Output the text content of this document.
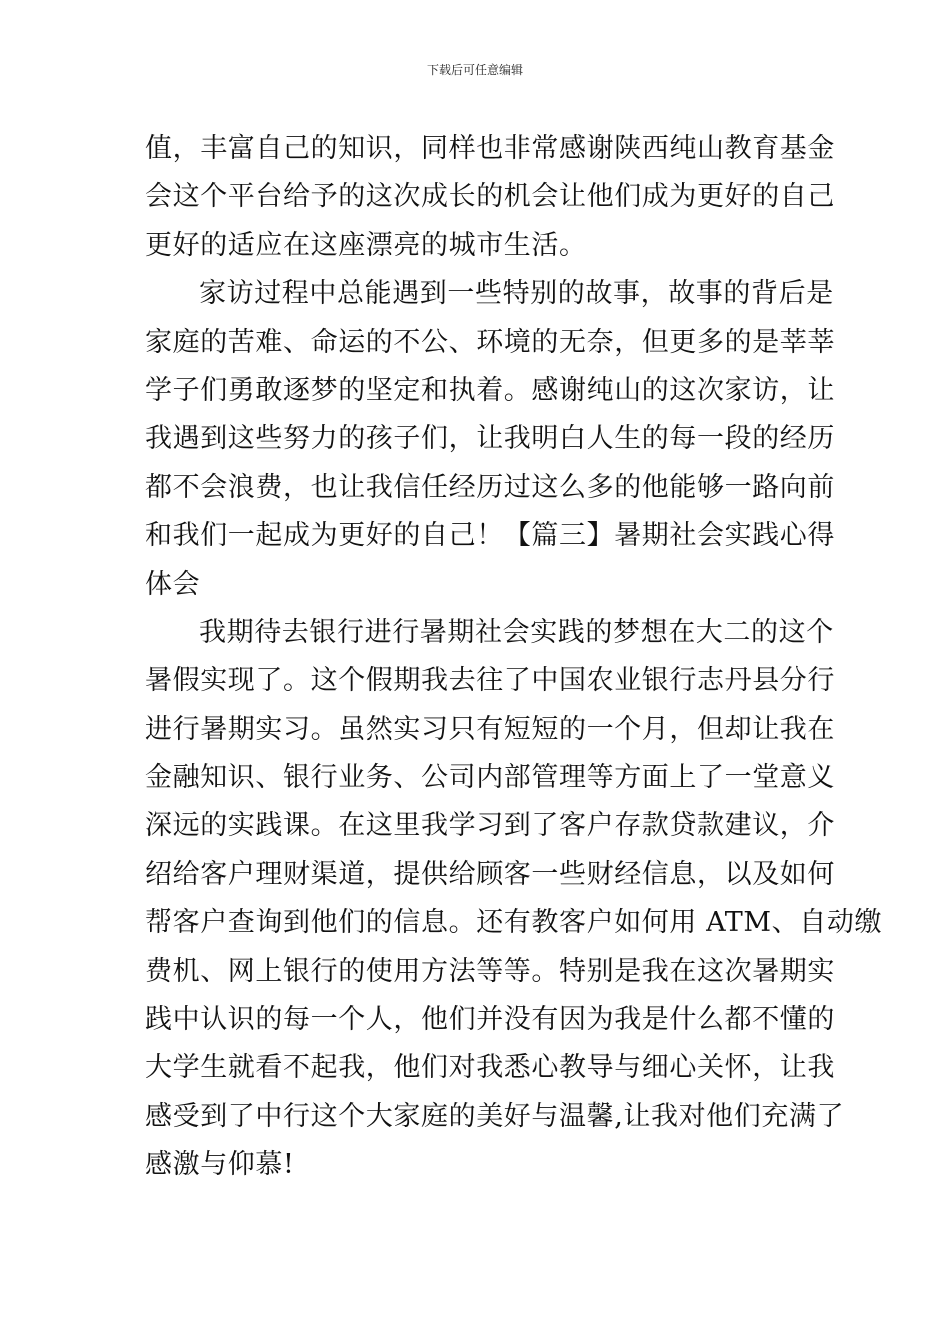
下载后可任意编辑
值，丰富自己的知识，同样也非常感谢陕西纯山教育基金
会这个平台给予的这次成长的机会让他们成为更好的自己
更好的适应在这座漂亮的城市生活。
家访过程中总能遇到一些特别的故事，故事的背后是
家庭的苦难、命运的不公、环境的无奈，但更多的是莘莘
学子们勇敢逐梦的坚定和执着。感谢纯山的这次家访，让
我遇到这些努力的孩子们，让我明白人生的每一段的经历
都不会浪费，也让我信任经历过这么多的他能够一路向前
和我们一起成为更好的自己！【篇三】暑期社会实践心得
体会
我期待去银行进行暑期社会实践的梦想在大二的这个
暑假实现了。这个假期我去往了中国农业银行志丹县分行
进行暑期实习。虽然实习只有短短的一个月，但却让我在
金融知识、银行业务、公司内部管理等方面上了一堂意义
深远的实践课。在这里我学习到了客户存款贷款建议，介
绍给客户理财渠道，提供给顾客一些财经信息，以及如何
帮客户查询到他们的信息。还有教客户如何用 ATM、自动缴
费机、网上银行的使用方法等等。特别是我在这次暑期实
践中认识的每一个人，他们并没有因为我是什么都不懂的
大学生就看不起我，他们对我悉心教导与细心关怀，让我
感受到了中行这个大家庭的美好与温馨,让我对他们充满了
感激与仰慕!
